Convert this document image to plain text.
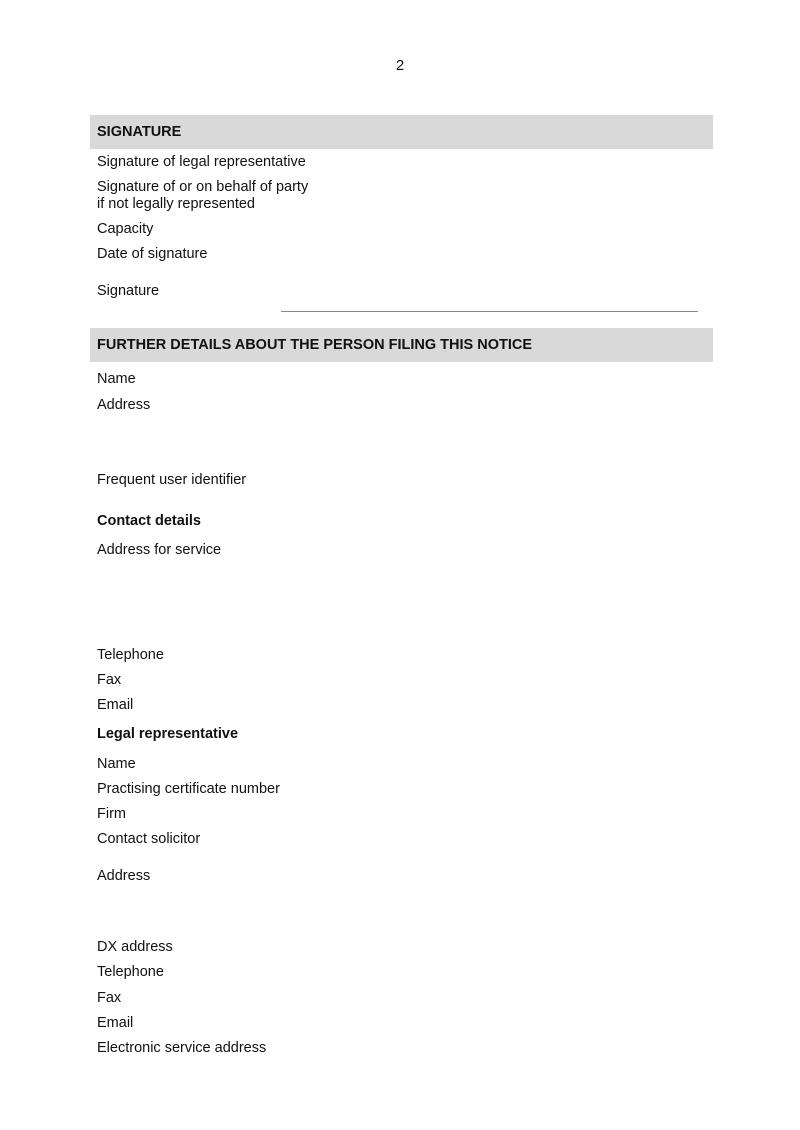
2
SIGNATURE
Signature of legal representative
Signature of or on behalf of party
if not legally represented
Capacity
Date of signature
Signature
FURTHER DETAILS ABOUT THE PERSON FILING THIS NOTICE
Name
Address
Frequent user identifier
Contact details
Address for service
Telephone
Fax
Email
Legal representative
Name
Practising certificate number
Firm
Contact solicitor
Address
DX address
Telephone
Fax
Email
Electronic service address
